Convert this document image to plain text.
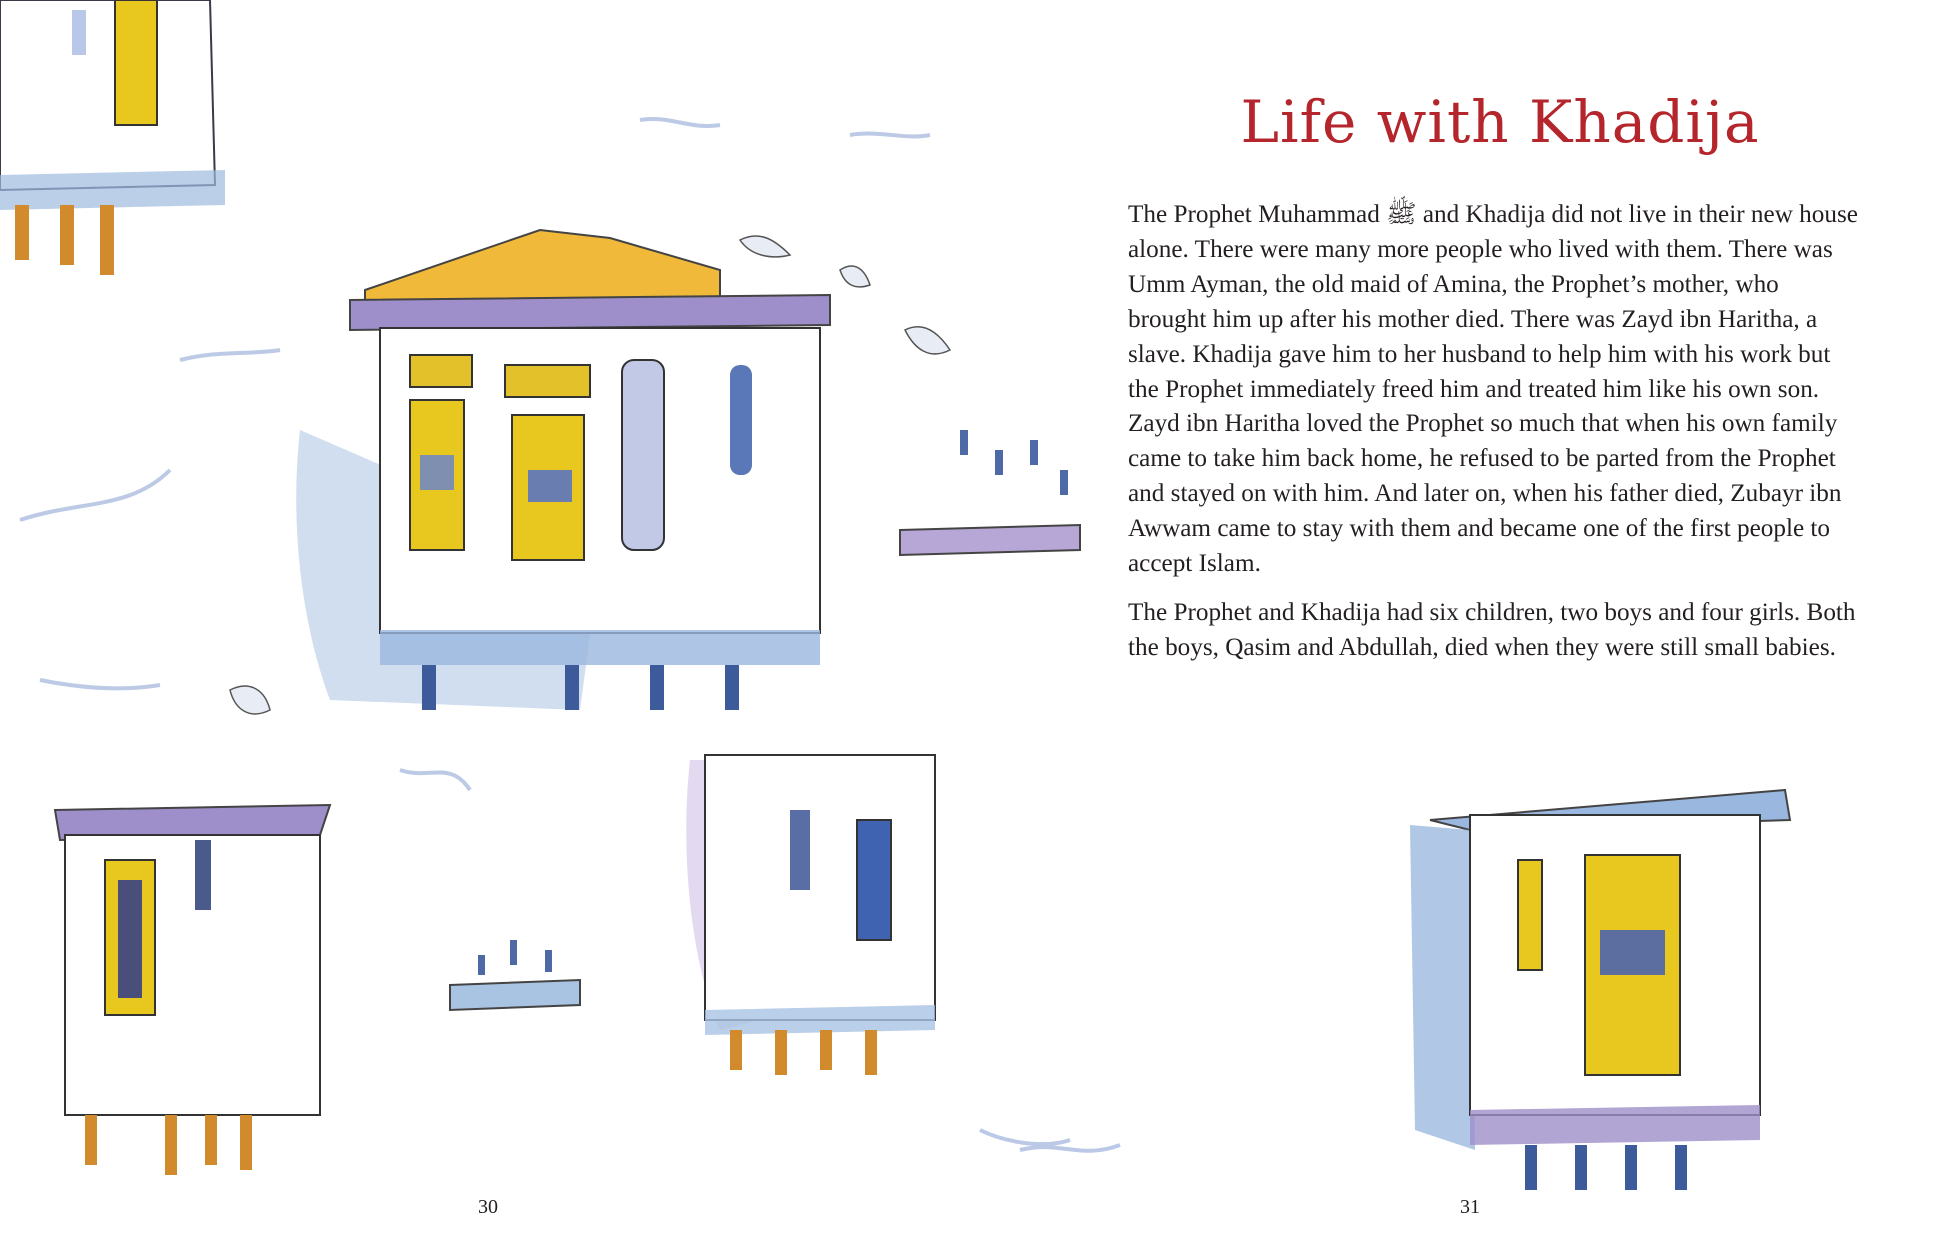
Life with Khadija

The Prophet Muhammad ﷺ and Khadija did not live in their new house alone. There were many more people who lived with them. There was Umm Ayman, the old maid of Amina, the Prophet’s mother, who brought him up after his mother died. There was Zayd ibn Haritha, a slave. Khadija gave him to her husband to help him with his work but the Prophet immediately freed him and treated him like his own son. Zayd ibn Haritha loved the Prophet so much that when his own family came to take him back home, he refused to be parted from the Prophet and stayed on with him. And later on, when his father died, Zubayr ibn Awwam came to stay with them and became one of the first people to accept Islam.

The Prophet and Khadija had six children, two boys and four girls. Both the boys, Qasim and Abdullah, died when they were still small babies.

30	31
